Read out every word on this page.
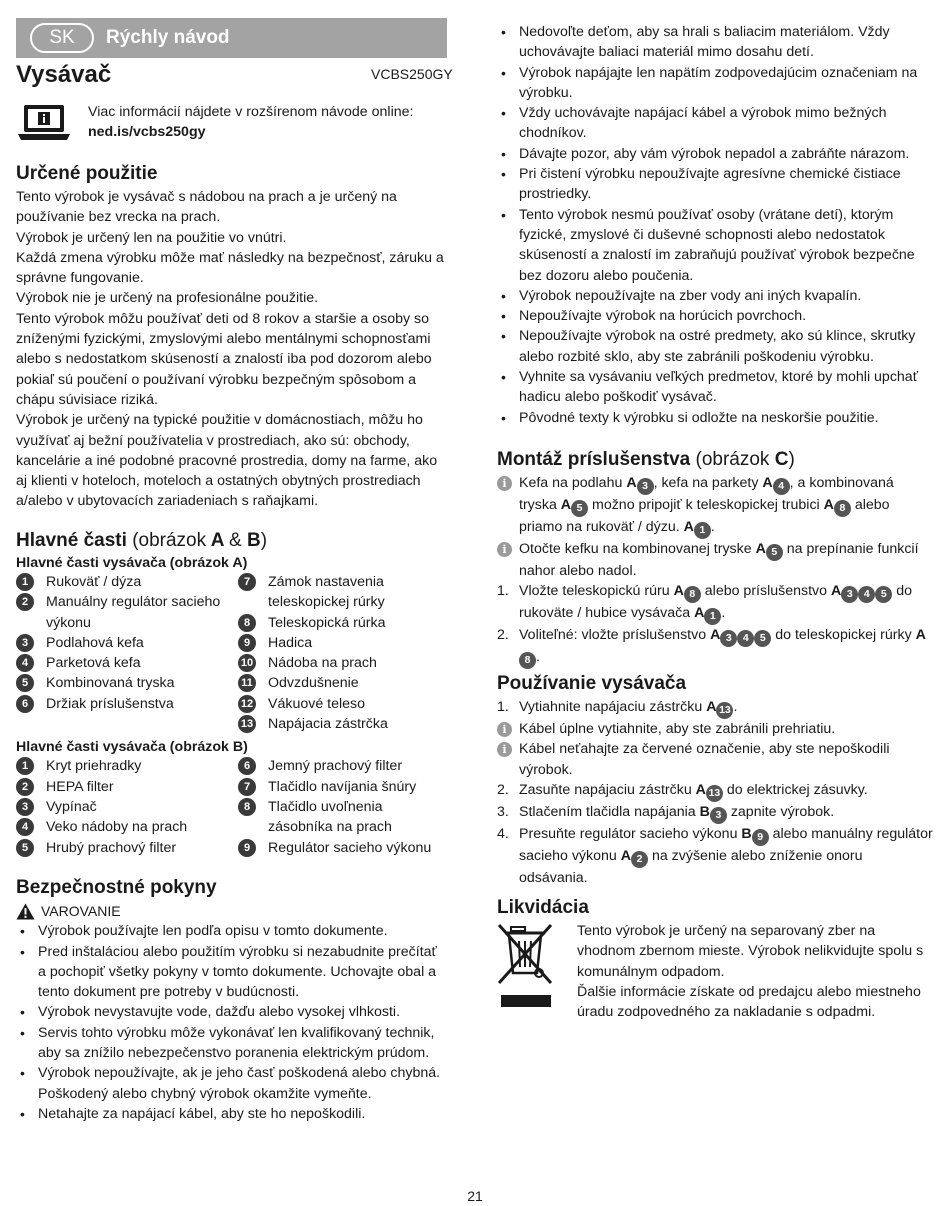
SK	Rýchly návod
Vysávač	VCBS250GY
Viac informácií nájdete v rozšírenom návode online:
ned.is/vcbs250gy
Určené použitie

Tento výrobok je vysávač s nádobou na prach a je určený na používanie bez vrecka na prach.

Výrobok je určený len na použitie vo vnútri.

Každá zmena výrobku môže mať následky na bezpečnosť, záruku a správne fungovanie.

Výrobok nie je určený na profesionálne použitie.

Tento výrobok môžu používať deti od 8 rokov a staršie a osoby so zníženými fyzickými, zmyslovými alebo mentálnymi schopnosťami alebo s nedostatkom skúseností a znalostí iba pod dozorom alebo pokiaľ sú poučení o používaní výrobku bezpečným spôsobom a chápu súvisiace riziká.

Výrobok je určený na typické použitie v domácnostiach, môžu ho využívať aj bežní používatelia v prostrediach, ako sú: obchody, kancelárie a iné podobné pracovné prostredia, domy na farme, ako aj klienti v hoteloch, moteloch a ostatných obytných prostrediach a/alebo v ubytovacích zariadeniach s raňajkami.

Hlavné časti (obrázok A & B)
Hlavné časti vysávača (obrázok A)
1	Rukoväť / dýza
2	Manuálny regulátor sacieho výkonu
3	Podlahová kefa
4	Parketová kefa
5	Kombinovaná tryska
6	Držiak príslušenstva
7	Zámok nastavenia teleskopickej rúrky
8	Teleskopická rúrka
9	Hadica
10 Nádoba na prach
11 Odvzdušnenie
12 Vákuové teleso
13 Napájacia zástrčka
Hlavné časti vysávača (obrázok B)
1	Kryt priehradky
2	HEPA filter
3	Vypínač
4	Veko nádoby na prach
5	Hrubý prachový filter
6	Jemný prachový filter
7	Tlačidlo navíjania šnúry
8	Tlačidlo uvoľnenia zásobníka na prach
9	Regulátor sacieho výkonu
Bezpečnostné pokyny
VAROVANIE
• Výrobok používajte len podľa opisu v tomto dokumente.
• Pred inštaláciou alebo použitím výrobku si nezabudnite prečítať a pochopiť všetky pokyny v tomto dokumente. Uchovajte obal a tento dokument pre potreby v budúcnosti.
• Výrobok nevystavujte vode, dažďu alebo vysokej vlhkosti.
• Servis tohto výrobku môže vykonávať len kvalifikovaný technik, aby sa znížilo nebezpečenstvo poranenia elektrickým prúdom.
• Výrobok nepoužívajte, ak je jeho časť poškodená alebo chybná. Poškodený alebo chybný výrobok okamžite vymeňte.
• Netahajte za napájací kábel, aby ste ho nepoškodili.
• Nedovoľte deťom, aby sa hrali s baliacim materiálom. Vždy uchovávajte baliaci materiál mimo dosahu detí.
• Výrobok napájajte len napätím zodpovedajúcim označeniam na výrobku.
• Vždy uchovávajte napájací kábel a výrobok mimo bežných chodníkov.
• Dávajte pozor, aby vám výrobok nepadol a zabráňte nárazom.
• Pri čistení výrobku nepoužívajte agresívne chemické čistiace prostriedky.
• Tento výrobok nesmú používať osoby (vrátane detí), ktorým fyzické, zmyslové či duševné schopnosti alebo nedostatok skúseností a znalostí im zabraňujú používať výrobok bezpečne bez dozoru alebo poučenia.
• Výrobok nepoužívajte na zber vody ani iných kvapalín.
• Nepoužívajte výrobok na horúcich povrchoch.
• Nepoužívajte výrobok na ostré predmety, ako sú klince, skrutky alebo rozbité sklo, aby ste zabránili poškodeniu výrobku.
• Vyhnite sa vysávaniu veľkých predmetov, ktoré by mohli upchať hadicu alebo poškodiť vysávač.
• Pôvodné texty k výrobku si odložte na neskoršie použitie.
Montáž príslušenstva (obrázok C)
i Kefa na podlahu A 3 , kefa na parkety A 4 , a kombinovaná tryska A 5 možno pripojiť k teleskopickej trubici A 8 alebo priamo na rukoväť / dýzu. A 1 .
i Otočte kefku na kombinovanej tryske A 5 na prepínanie funkcií nahor alebo nadol.
1. Vložte teleskopickú rúru A 8 alebo príslušenstvo A 3 4 5 do rukoväte / hubice vysávača A 1 .
2. Voliteľné: vložte príslušenstvo A 3 4 5 do teleskopickej rúrky A8 .
Používanie vysávača
1. Vytiahnite napájaciu zástrčku A 13 .
i Kábel úplne vytiahnite, aby ste zabránili prehriatiu.
i Kábel neťahajte za červené označenie, aby ste nepoškodili výrobok.
2. Zasuňte napájaciu zástrčku A 13 do elektrickej zásuvky.
3. Stlačením tlačidla napájania B 3 zapnite výrobok.
4. Presuňte regulátor sacieho výkonu B 9 alebo manuálny regulátor sacieho výkonu A 2 na zvýšenie alebo zníženie onoru odsávania.
Likvidácia

Tento výrobok je určený na separovaný zber na vhodnom zbernom mieste. Výrobok nelikvidujte spolu s komunálnym odpadom.

Ďalšie informácie získate od predajcu alebo miestneho úradu zodpovedného za nakladanie s odpadmi.

21
